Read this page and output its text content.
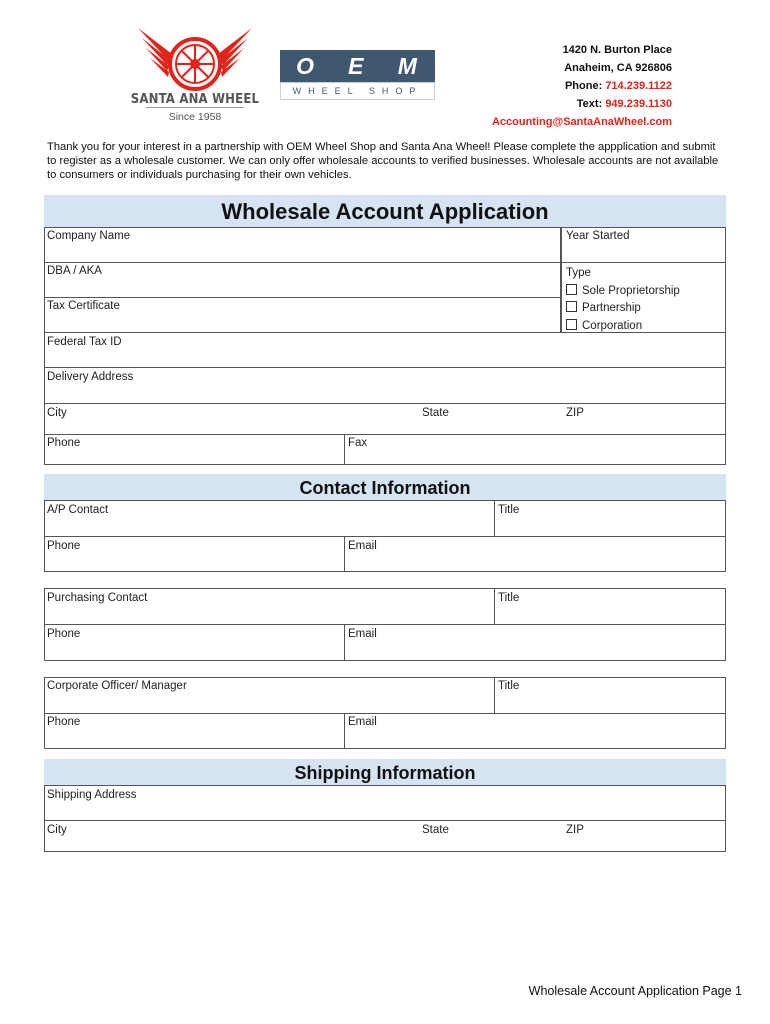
SANTA ANA WHEEL
Since 1958
O E M
WHEEL SHOP
1420 N. Burton Place
Anaheim, CA 926806
Phone: 714.239.1122
Text: 949.239.1130
Accounting@SantaAnaWheel.com
Thank you for your interest in a partnership with OEM Wheel Shop and Santa Ana Wheel! Please complete the appplication and submit to register as a wholesale customer. We can only offer wholesale accounts to verified businesses. Wholesale accounts are not available to consumers or individuals purchasing for their own vehicles.
Wholesale Account Application
Company Name	Year Started
DBA / AKA
Tax Certificate
Type
Sole Proprietorship
Partnership
Corporation
Federal Tax ID
Delivery Address
City	State	ZIP
Phone	Fax
Contact Information
A/P Contact	Title
Phone	Email
Purchasing Contact	Title
Phone	Email
Corporate Officer/ Manager	Title
Phone	Email
Shipping Information
Shipping Address
City	State	ZIP
Wholesale Account Application Page 1
